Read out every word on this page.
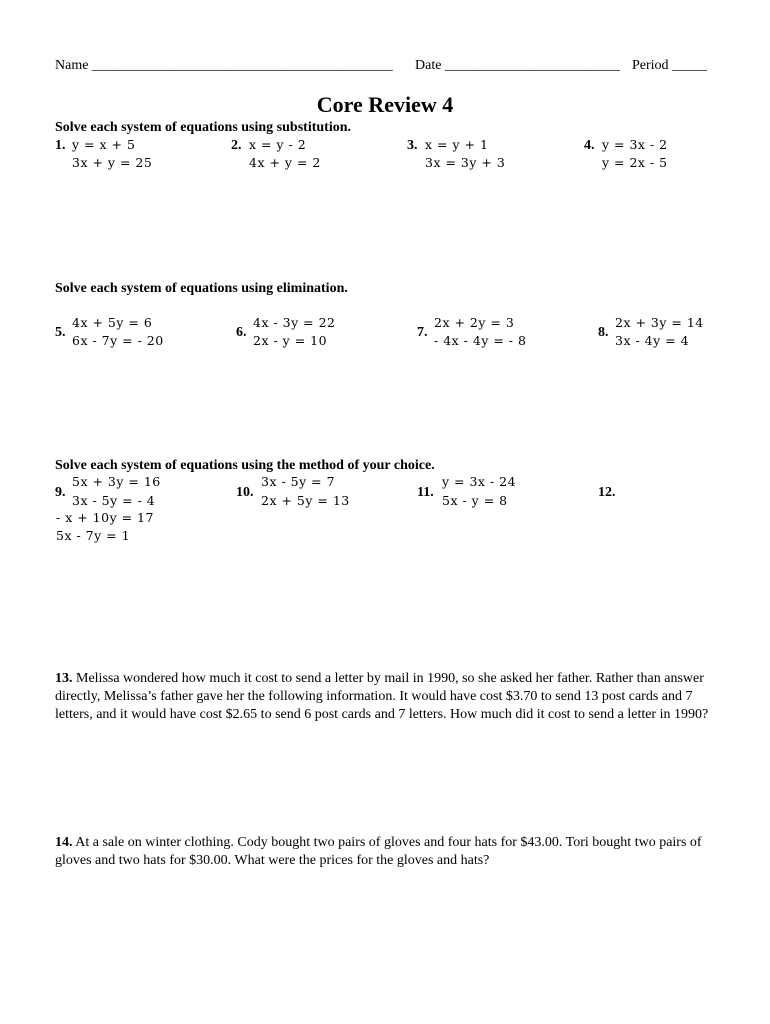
Name ___________________________________________ Date _________________________ Period _____
Core Review 4
Solve each system of equations using substitution.
1. y = x + 5
3x + y = 25
2. x = y - 2
4x + y = 2
3. x = y + 1
3x = 3y + 3
4. y = 3x - 2
y = 2x - 5
Solve each system of equations using elimination.
5.
4x + 5y = 6
6x - 7y = - 20
6.
4x - 3y = 22
2x - y = 10
7.
2x + 2y = 3
- 4x - 4y = - 8
8.
2x + 3y = 14
3x - 4y = 4
Solve each system of equations using the method of your choice.
9.
5x + 3y = 16
3x - 5y = - 4
10.
3x - 5y = 7
2x + 5y = 13
11.
y = 3x - 24
5x - y = 8
12.
- x + 10y = 17
5x - 7y = 1
13. Melissa wondered how much it cost to send a letter by mail in 1990, so she asked her father. Rather than answer directly, Melissa’s father gave her the following information. It would have cost $3.70 to send 13 post cards and 7 letters, and it would have cost $2.65 to send 6 post cards and 7 letters. How much did it cost to send a letter in 1990?
14. At a sale on winter clothing. Cody bought two pairs of gloves and four hats for $43.00. Tori bought two pairs of gloves and two hats for $30.00. What were the prices for the gloves and hats?
